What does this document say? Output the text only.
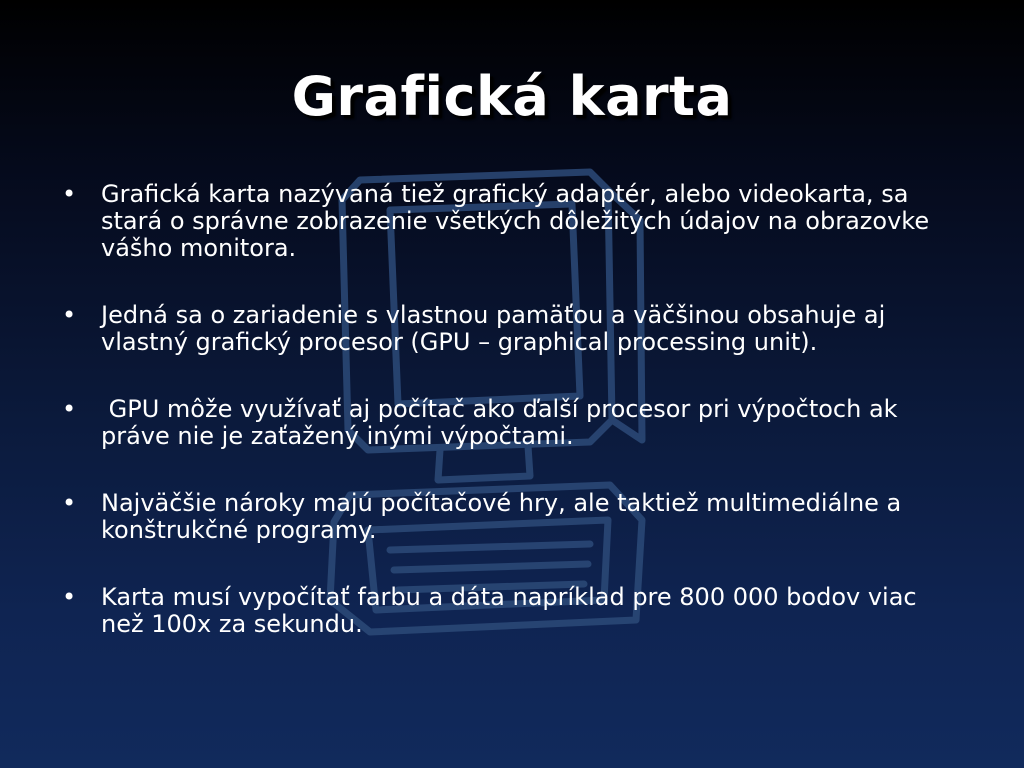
Grafická karta
• Grafická karta nazývaná tiež grafický adaptér, alebo videokarta, sa stará o správne zobrazenie všetkých dôležitých údajov na obrazovke vášho monitora.
• Jedná sa o zariadenie s vlastnou pamäťou a väčšinou obsahuje aj vlastný grafický procesor (GPU – graphical processing unit).
• GPU môže využívať aj počítač ako ďalší procesor pri výpočtoch ak práve nie je zaťažený inými výpočtami.
• Najväčšie nároky majú počítačové hry, ale taktiež multimediálne a konštrukčné programy.
• Karta musí vypočítať farbu a dáta napríklad pre 800 000 bodov viac než 100x za sekundu.
